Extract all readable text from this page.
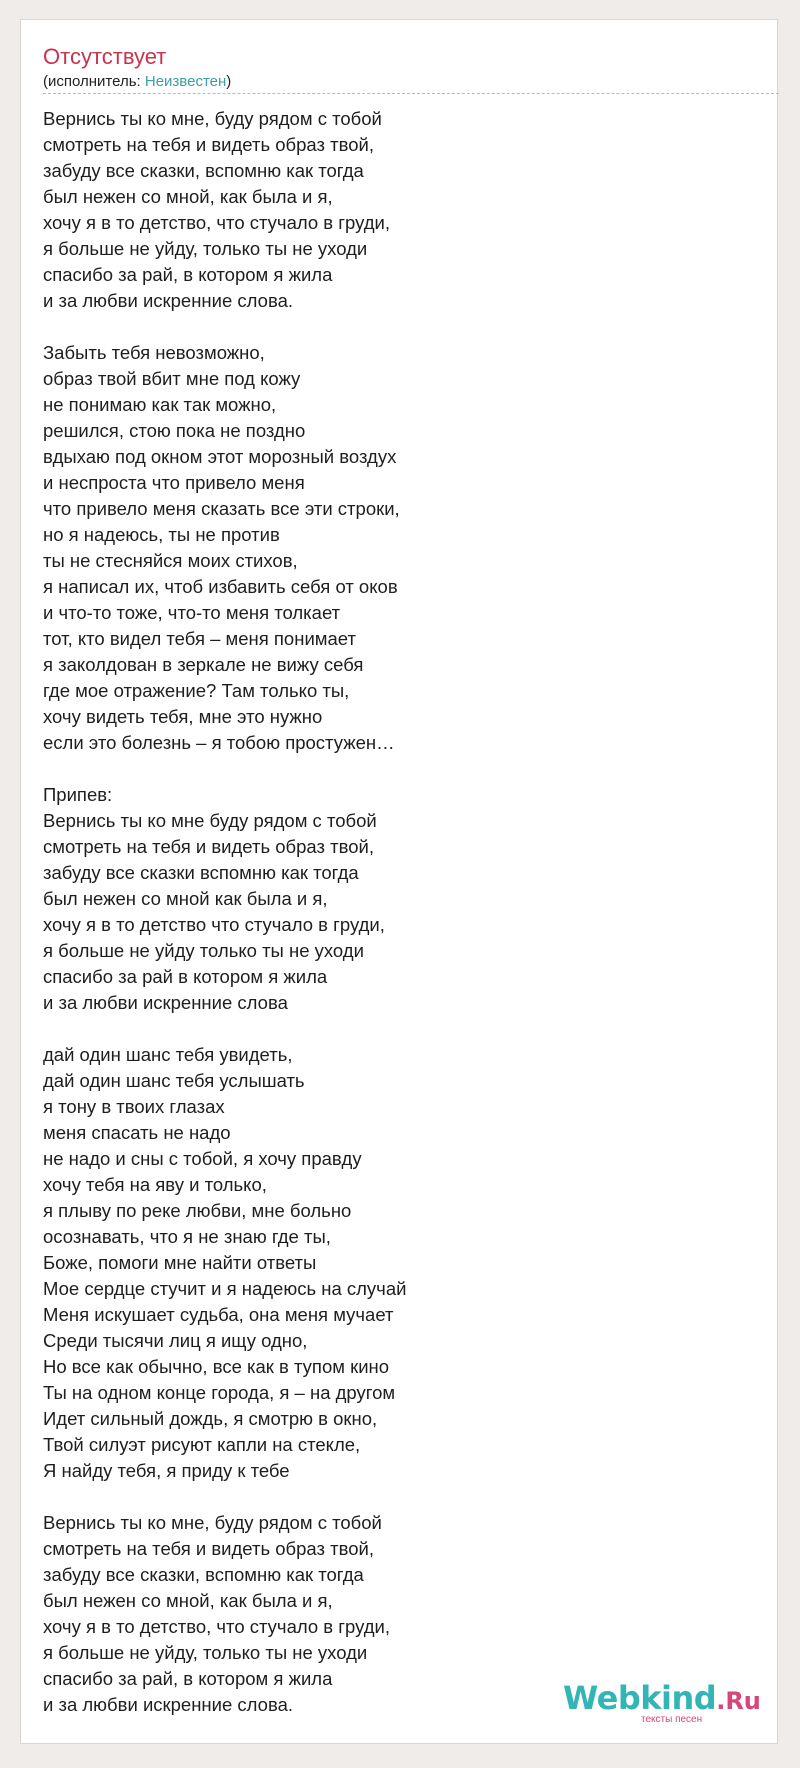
Отсутствует
(исполнитель: Неизвестен)
Вернись ты ко мне, буду рядом с тобой
смотреть на тебя и видеть образ твой,
забуду все сказки, вспомню как тогда
был нежен со мной, как была и я,
хочу я в то детство, что стучало в груди,
я больше не уйду, только ты не уходи
спасибо за рай, в котором я жила
и за любви искренние слова.
Забыть тебя невозможно,
образ твой вбит мне под кожу
не понимаю как так можно,
решился, стою пока не поздно
вдыхаю под окном этот морозный воздух
и неспроста что привело меня
что привело меня сказать все эти строки,
но я надеюсь, ты не против
ты не стесняйся моих стихов,
я написал их, чтоб избавить себя от оков
и что-то тоже, что-то меня толкает
тот, кто видел тебя – меня понимает
я заколдован в зеркале не вижу себя
где мое отражение? Там только ты,
хочу видеть тебя, мне это нужно
если это болезнь – я тобою простужен…
Припев:
Вернись ты ко мне буду рядом с тобой
смотреть на тебя и видеть образ твой,
забуду все сказки вспомню как тогда
был нежен со мной как была и я,
хочу я в то детство что стучало в груди,
я больше не уйду только ты не уходи
спасибо за рай в котором я жила
и за любви искренние слова
дай один шанс тебя увидеть,
дай один шанс тебя услышать
я тону в твоих глазах
меня спасать не надо
не надо и сны с тобой, я хочу правду
хочу тебя на яву и только,
я плыву по реке любви, мне больно
осознавать, что я не знаю где ты,
Боже, помоги мне найти ответы
Мое сердце стучит и я надеюсь на случай
Меня искушает судьба, она меня мучает
Среди тысячи лиц я ищу одно,
Но все как обычно, все как в тупом кино
Ты на одном конце города, я – на другом
Идет сильный дождь, я смотрю в окно,
Твой силуэт рисуют капли на стекле,
Я найду тебя, я приду к тебе
Вернись ты ко мне, буду рядом с тобой
смотреть на тебя и видеть образ твой,
забуду все сказки, вспомню как тогда
был нежен со мной, как была и я,
хочу я в то детство, что стучало в груди,
я больше не уйду, только ты не уходи
спасибо за рай, в котором я жила
и за любви искренние слова.	Webkind.Ru
тексты песен
